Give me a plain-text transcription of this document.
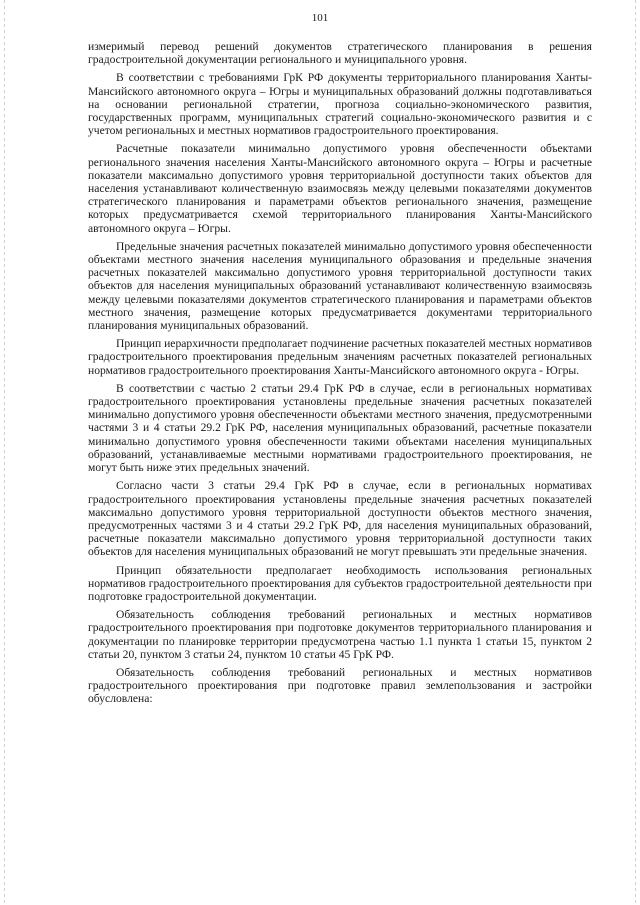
101

измеримый перевод решений документов стратегического планирования в решения градостроительной документации регионального и муниципального уровня.

В соответствии с требованиями ГрК РФ документы территориального планирования Ханты-Мансийского автономного округа – Югры и муниципальных образований должны подготавливаться на основании региональной стратегии, прогноза социально-экономического развития, государственных программ, муниципальных стратегий социально-экономического развития и с учетом региональных и местных нормативов градостроительного проектирования.

Расчетные показатели минимально допустимого уровня обеспеченности объектами регионального значения населения Ханты-Мансийского автономного округа – Югры и расчетные показатели максимально допустимого уровня территориальной доступности таких объектов для населения устанавливают количественную взаимосвязь между целевыми показателями документов стратегического планирования и параметрами объектов регионального значения, размещение которых предусматривается схемой территориального планирования Ханты-Мансийского автономного округа – Югры.

Предельные значения расчетных показателей минимально допустимого уровня обеспеченности объектами местного значения населения муниципального образования и предельные значения расчетных показателей максимально допустимого уровня территориальной доступности таких объектов для населения муниципальных образований устанавливают количественную взаимосвязь между целевыми показателями документов стратегического планирования и параметрами объектов местного значения, размещение которых предусматривается документами территориального планирования муниципальных образований.

Принцип иерархичности предполагает подчинение расчетных показателей местных нормативов градостроительного проектирования предельным значениям расчетных показателей региональных нормативов градостроительного проектирования Ханты-Мансийского автономного округа - Югры.

В соответствии с частью 2 статьи 29.4 ГрК РФ в случае, если в региональных нормативах градостроительного проектирования установлены предельные значения расчетных показателей минимально допустимого уровня обеспеченности объектами местного значения, предусмотренными частями 3 и 4 статьи 29.2 ГрК РФ, населения муниципальных образований, расчетные показатели минимально допустимого уровня обеспеченности такими объектами населения муниципальных образований, устанавливаемые местными нормативами градостроительного проектирования, не могут быть ниже этих предельных значений.

Согласно части 3 статьи 29.4 ГрК РФ в случае, если в региональных нормативах градостроительного проектирования установлены предельные значения расчетных показателей максимально допустимого уровня территориальной доступности объектов местного значения, предусмотренных частями 3 и 4 статьи 29.2 ГрК РФ, для населения муниципальных образований, расчетные показатели максимально допустимого уровня территориальной доступности таких объектов для населения муниципальных образований не могут превышать эти предельные значения.

Принцип обязательности предполагает необходимость использования региональных нормативов градостроительного проектирования для субъектов градостроительной деятельности при подготовке градостроительной документации.

Обязательность соблюдения требований региональных и местных нормативов градостроительного проектирования при подготовке документов территориального планирования и документации по планировке территории предусмотрена частью 1.1 пункта 1 статьи 15, пунктом 2 статьи 20, пунктом 3 статьи 24, пунктом 10 статьи 45 ГрК РФ.

Обязательность соблюдения требований региональных и местных нормативов градостроительного проектирования при подготовке правил землепользования и застройки обусловлена:
